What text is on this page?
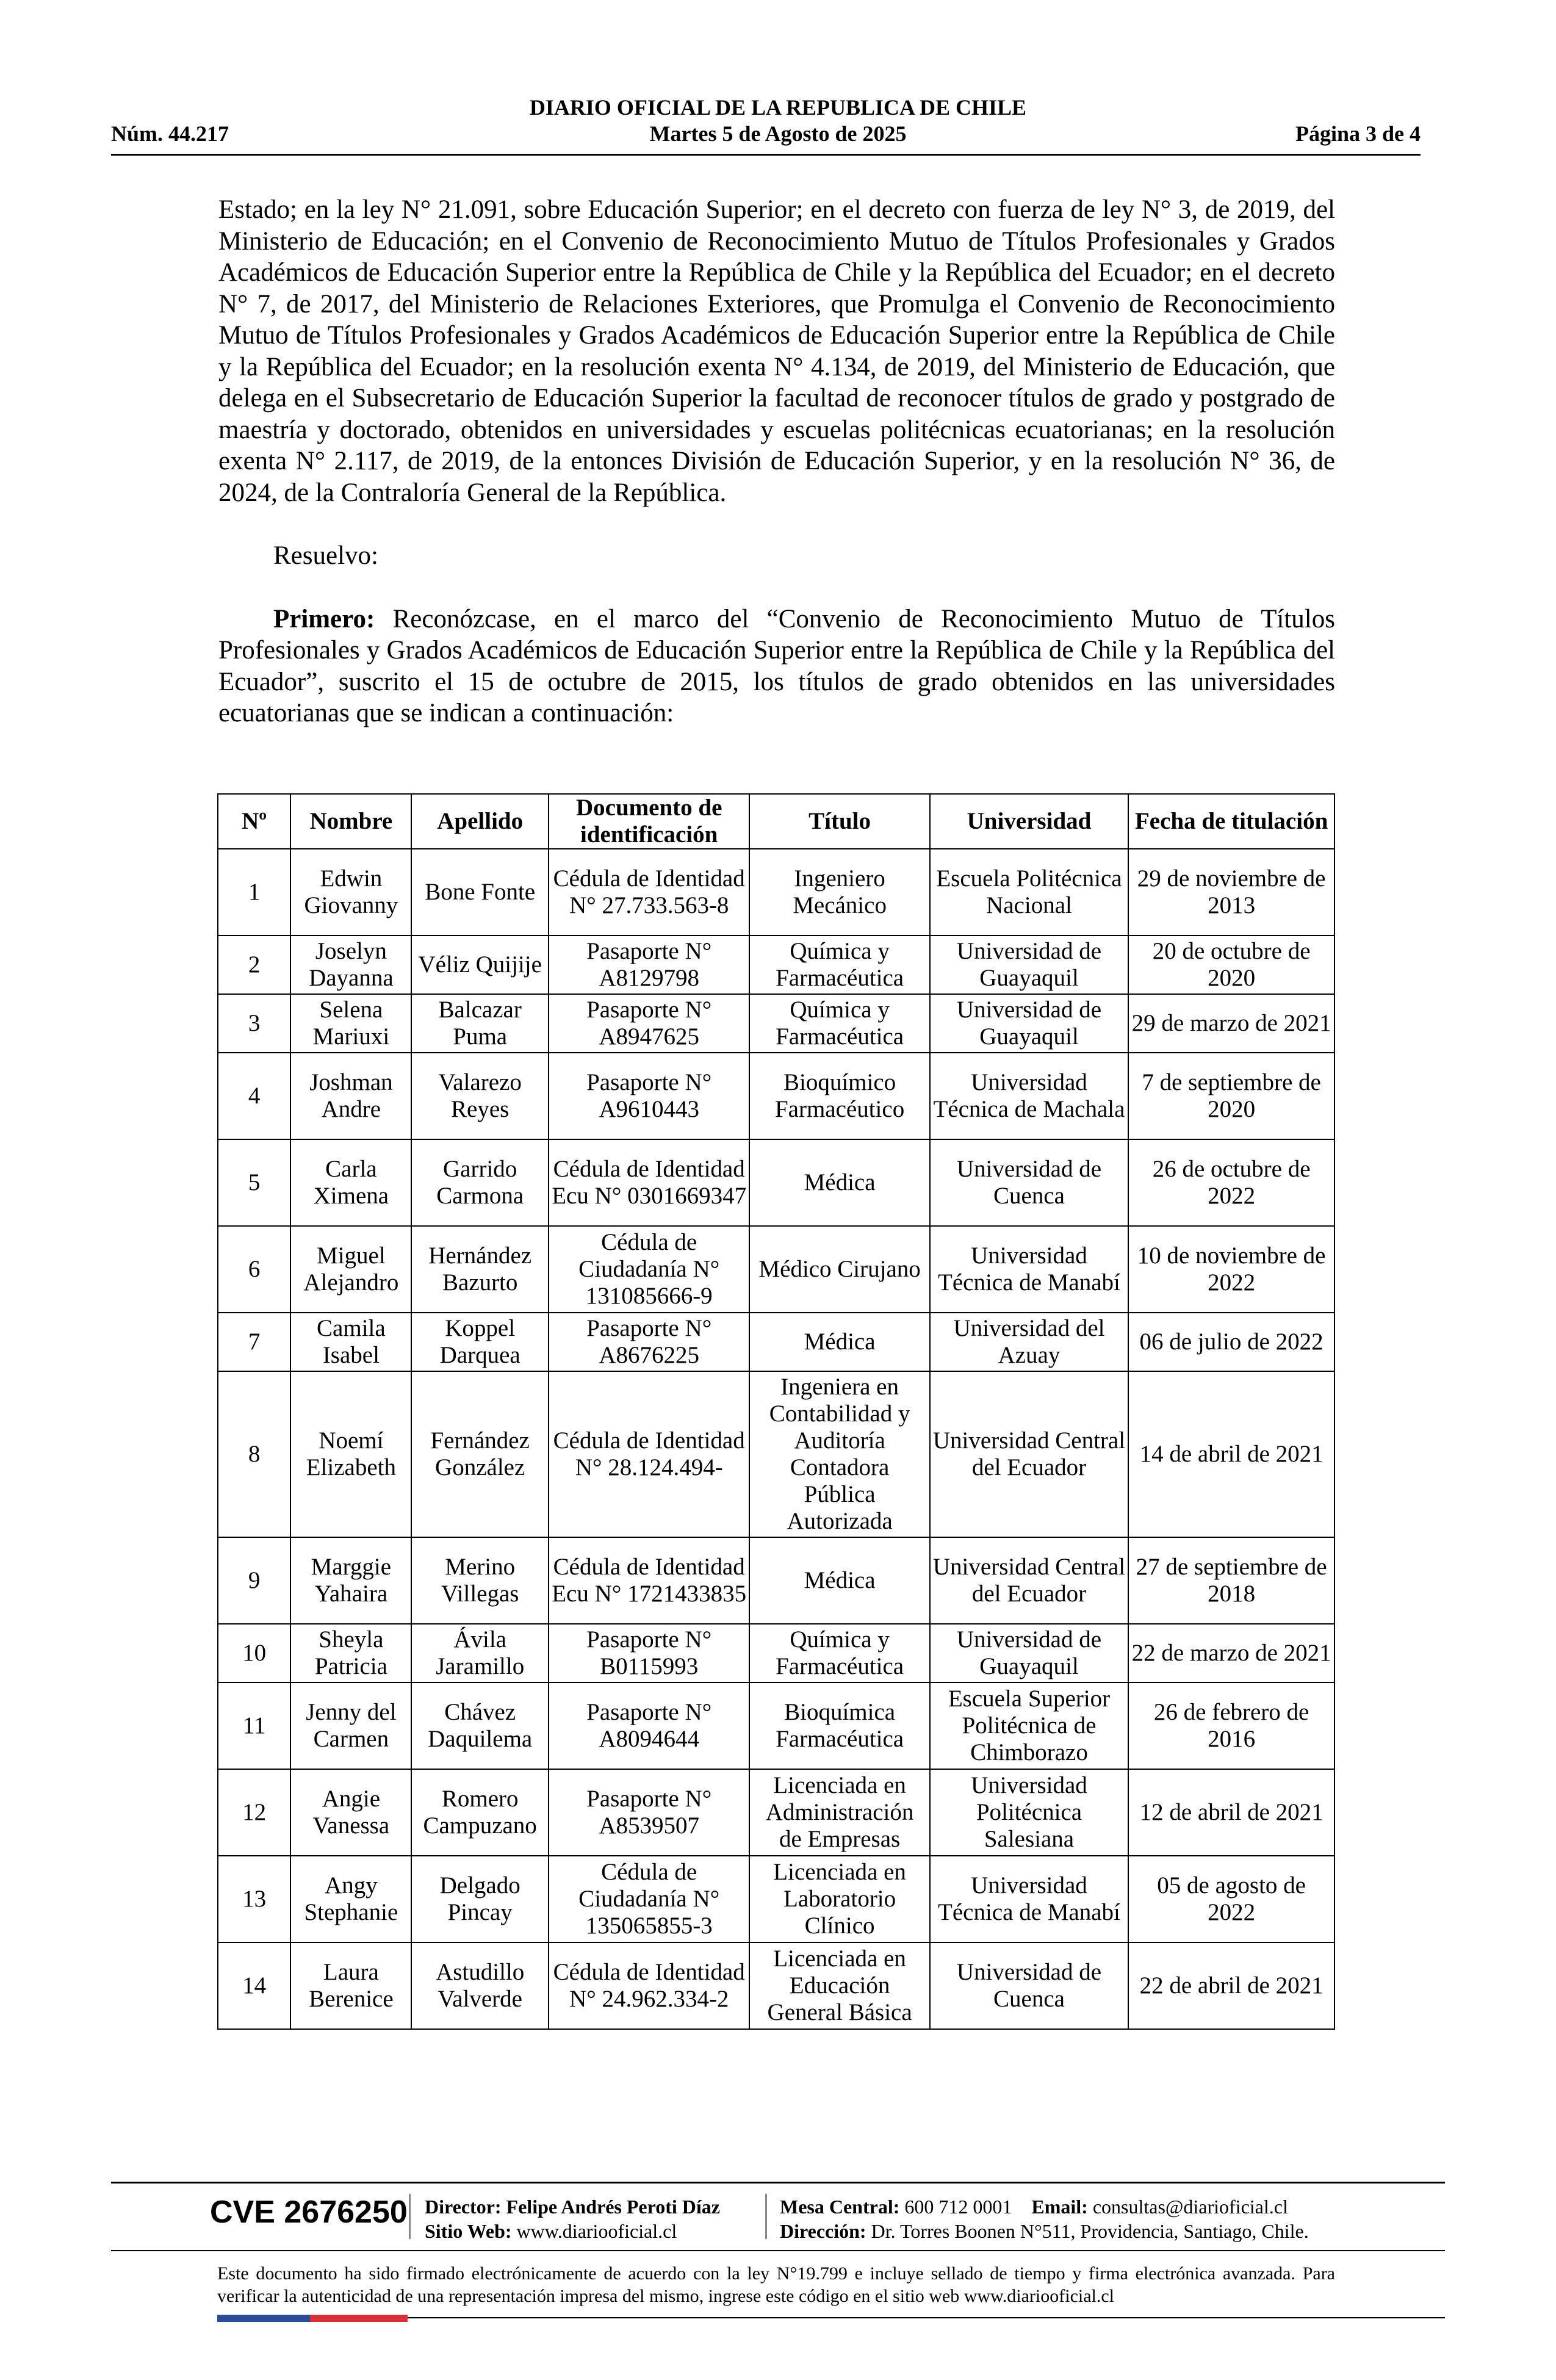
Núm. 44.217
DIARIO OFICIAL DE LA REPUBLICA DE CHILE
Martes 5 de Agosto de 2025	Página 3 de 4

Estado; en la ley N° 21.091, sobre Educación Superior; en el decreto con fuerza de ley N° 3, de 2019, del Ministerio de Educación; en el Convenio de Reconocimiento Mutuo de Títulos Profesionales y Grados Académicos de Educación Superior entre la República de Chile y la República del Ecuador; en el decreto N° 7, de 2017, del Ministerio de Relaciones Exteriores, que Promulga el Convenio de Reconocimiento Mutuo de Títulos Profesionales y Grados Académicos de Educación Superior entre la República de Chile y la República del Ecuador; en la resolución exenta N° 4.134, de 2019, del Ministerio de Educación, que delega en el Subsecretario de Educación Superior la facultad de reconocer títulos de grado y postgrado de maestría y doctorado, obtenidos en universidades y escuelas politécnicas ecuatorianas; en la resolución exenta N° 2.117, de 2019, de la entonces División de Educación Superior, y en la resolución N° 36, de 2024, de la Contraloría General de la República.

Resuelvo:

Primero: Reconózcase, en el marco del “Convenio de Reconocimiento Mutuo de Títulos Profesionales y Grados Académicos de Educación Superior entre la República de Chile y la República del Ecuador”, suscrito el 15 de octubre de 2015, los títulos de grado obtenidos en las universidades ecuatorianas que se indican a continuación:

Nº	Nombre	Apellido	Documento de identificación	Título	Universidad	Fecha de titulación
1	Edwin Giovanny	Bone Fonte	Cédula de Identidad N° 27.733.563-8	Ingeniero Mecánico	Escuela Politécnica Nacional	29 de noviembre de 2013
2	Joselyn Dayanna	Véliz Quijije	Pasaporte N° A8129798	Química y Farmacéutica	Universidad de Guayaquil	20 de octubre de 2020
3	Selena Mariuxi	Balcazar Puma	Pasaporte N° A8947625	Química y Farmacéutica	Universidad de Guayaquil	29 de marzo de 2021
4	Joshman Andre	Valarezo Reyes	Pasaporte N° A9610443	Bioquímico Farmacéutico	Universidad Técnica de Machala	7 de septiembre de 2020
5	Carla Ximena	Garrido Carmona	Cédula de Identidad Ecu N° 0301669347	Médica	Universidad de Cuenca	26 de octubre de 2022
6	Miguel Alejandro	Hernández Bazurto	Cédula de Ciudadanía N° 131085666-9	Médico Cirujano	Universidad Técnica de Manabí	10 de noviembre de 2022
7	Camila Isabel	Koppel Darquea	Pasaporte N° A8676225	Médica	Universidad del Azuay	06 de julio de 2022
8	Noemí Elizabeth	Fernández González	Cédula de Identidad N° 28.124.494-	Ingeniera en Contabilidad y Auditoría Contadora Pública Autorizada	Universidad Central del Ecuador	14 de abril de 2021
9	Marggie Yahaira	Merino Villegas	Cédula de Identidad Ecu N° 1721433835	Médica	Universidad Central del Ecuador	27 de septiembre de 2018
10	Sheyla Patricia	Ávila Jaramillo	Pasaporte N° B0115993	Química y Farmacéutica	Universidad de Guayaquil	22 de marzo de 2021
11	Jenny del Carmen	Chávez Daquilema	Pasaporte N° A8094644	Bioquímica Farmacéutica	Escuela Superior Politécnica de Chimborazo	26 de febrero de 2016
12	Angie Vanessa	Romero Campuzano	Pasaporte N° A8539507	Licenciada en Administración de Empresas	Universidad Politécnica Salesiana	12 de abril de 2021
13	Angy Stephanie	Delgado Pincay	Cédula de Ciudadanía N° 135065855-3	Licenciada en Laboratorio Clínico	Universidad Técnica de Manabí	05 de agosto de 2022
14	Laura Berenice	Astudillo Valverde	Cédula de Identidad N° 24.962.334-2	Licenciada en Educación General Básica	Universidad de Cuenca	22 de abril de 2021
CVE 2676250 Director: Felipe Andrés Peroti Díaz
Sitio Web: www.diariooficial.cl
Mesa Central: 600 712 0001 Email: consultas@diarioficial.cl
Dirección: Dr. Torres Boonen N°511, Providencia, Santiago, Chile.
Este documento ha sido firmado electrónicamente de acuerdo con la ley N°19.799 e incluye sellado de tiempo y firma electrónica avanzada. Para verificar la autenticidad de una representación impresa del mismo, ingrese este código en el sitio web www.diariooficial.cl
